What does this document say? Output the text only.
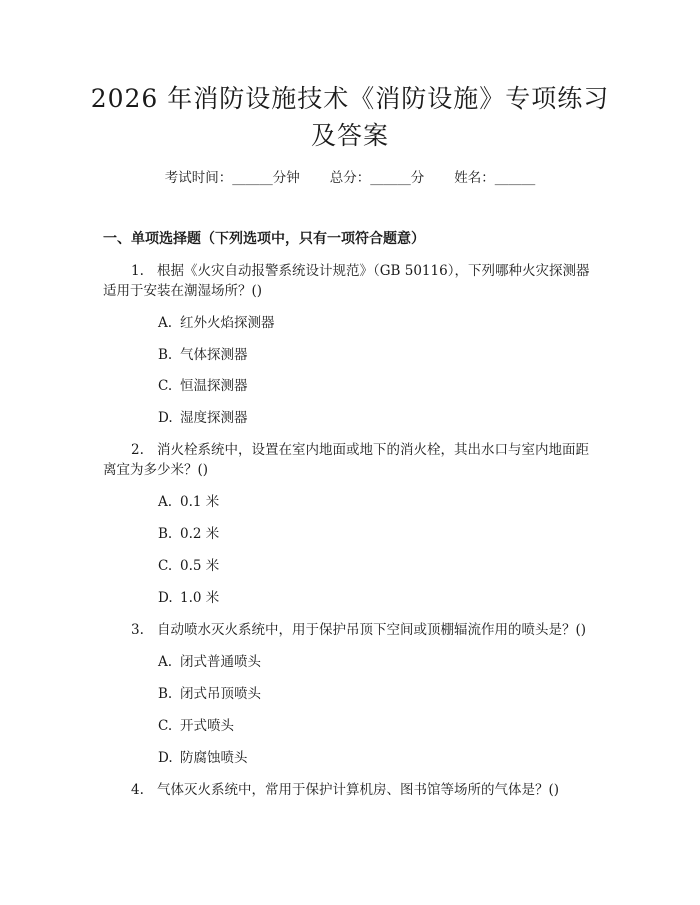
2026 年消防设施技术《消防设施》专项练习
及答案
考试时间：______分钟 总分：______分 姓名：______
一、单项选择题（下列选项中，只有一项符合题意）
1. 根据《火灾自动报警系统设计规范》（GB 50116），下列哪种火灾探测器
适用于安装在潮湿场所？()
A. 红外火焰探测器
B. 气体探测器
C. 恒温探测器
D. 湿度探测器
2. 消火栓系统中，设置在室内地面或地下的消火栓，其出水口与室内地面距
离宜为多少米？()
A. 0.1 米
B. 0.2 米
C. 0.5 米
D. 1.0 米
3. 自动喷水灭火系统中，用于保护吊顶下空间或顶棚辐流作用的喷头是？()
A. 闭式普通喷头
B. 闭式吊顶喷头
C. 开式喷头
D. 防腐蚀喷头
4. 气体灭火系统中，常用于保护计算机房、图书馆等场所的气体是？()
